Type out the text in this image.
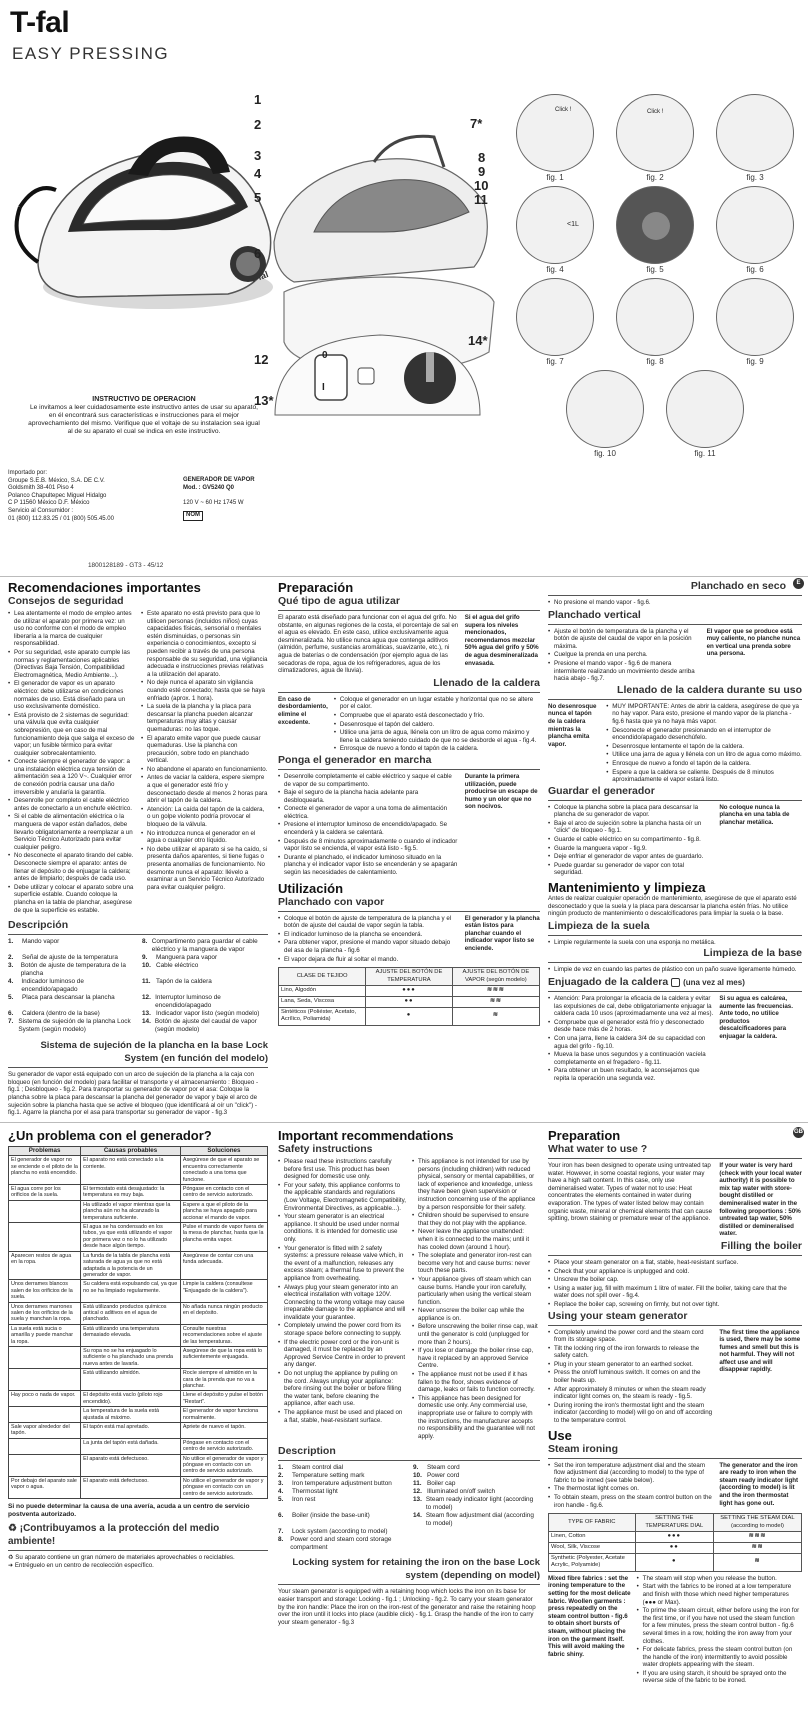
T-fal
EASY PRESSING
T-fal
INSTRUCTIVO DE OPERACION
Le invitamos a leer cuidadosamente este instructivo antes de usar su aparato, en él encontrará sus características e instrucciones para el mejor aprovechamiento del mismo. Verifique que el voltaje de su instalacion sea igual al de su aparato el cual se indica en este instructivo.
Importado por:
Groupe S.E.B. México, S.A. DE C.V.
Goldsmith 38-401 Piso 4
Polanco Chapultepec Miguel Hidalgo
C P 11560 México D.F. México
Servicio al Consumidor :
01 (800) 112.83.25 / 01 (800) 505.45.00
GENERADOR DE VAPOR
Mod. : GV5240 Q0

120 V ~ 60 Hz 1745 W
NOM
1800128189 - GT3 - 45/12
1
2
3
4
5
6
7*
8
9
10
11
12
13*
14*
0
I
Click !
fig. 1
Click !
fig. 2	fig. 3
<1L
fig. 4	fig. 5	fig. 6
fig. 7	fig. 8	fig. 9
fig. 10	fig. 11
E
Recomendaciones importantes
Consejos de seguridad
• Lea atentamente el modo de empleo antes de utilizar el aparato por primera vez: un uso no conforme con el modo de empleo liberaría a la marca de cualquier responsabilidad.
• Por su seguridad, este aparato cumple las normas y reglamentaciones aplicables (Directivas Baja Tensión, Compatibilidad Electromagnética, Medio Ambiente...).
• El generador de vapor es un aparato eléctrico: debe utilizarse en condiciones normales de uso. Está diseñado para un uso exclusivamente doméstico.
• Está provisto de 2 sistemas de seguridad: una válvula que evita cualquier sobrepresión, que en caso de mal funcionamiento deja que salga el exceso de vapor; un fusible térmico para evitar cualquier sobrecalentamiento.
• Conecte siempre el generador de vapor: a una instalación eléctrica cuya tensión de alimentación sea a 120 V~. Cualquier error de conexión podría causar una daño irreversible y anularía la garantía.
• Desenrolle por completo el cable eléctrico antes de conectarlo a un enchufe eléctrico.
• Si el cable de alimentación eléctrica o la manguera de vapor están dañados, debe llevarlo obligatoriamente a reemplazar a un Servicio Técnico Autorizado para evitar cualquier peligro.
• No desconecte el aparato tirando del cable. Desconecte siempre el aparato: antes de llenar el depósito o de enjuagar la caldera; antes de limpiarlo; después de cada uso.
• Debe utilizar y colocar el aparato sobre una superficie estable. Cuando coloque la plancha en la tabla de planchar, asegúrese de que la superficie es estable.
• Este aparato no está previsto para que lo utilicen personas (incluidos niños) cuyas capacidades físicas, sensorial o mentales estén disminuidas, o personas sin experiencia o conocimientos, excepto si pueden recibir a través de una persona responsable de su seguridad, una vigilancia adecuada e instrucciones previas relativas a la utilización del aparato.
• No deje nunca el aparato sin vigilancia cuando esté conectado; hasta que se haya enfriado (aprox. 1 hora).
• La suela de la plancha y la placa para descansar la plancha pueden alcanzar temperaturas muy altas y causar quemaduras: no las toque.
• El aparato emite vapor que puede causar quemaduras. Use la plancha con precaución, sobre todo en planchado vertical.
• No abandone el aparato en funcionamiento.
• Antes de vaciar la caldera, espere siempre a que el generador esté frío y desconectado desde al menos 2 horas para abrir el tapón de la caldera.
• Atención: La caída del tapón de la caldera, o un golpe violento podría provocar el bloqueo de la válvula.
• No introduzca nunca el generador en el agua o cualquier otro líquido.
• No debe utilizar el aparato si se ha caído, si presenta daños aparentes, si tiene fugas o presenta anomalías de funcionamiento. No desmonte nunca el aparato: llévelo a examinar a un Servicio Técnico Autorizado para evitar cualquier peligro.
Descripción
1.	Mando vapor	8. Compartimento para guardar el cable eléctrico y la manguera de vapor
2.	Señal de ajuste de la temperatura	9.	Manguera para vapor
3.	Botón de ajuste de temperatura de la plancha
10. Cable eléctrico
4.	Indicador luminoso de encendido/apagado
11. Tapón de la caldera
5.	Placa para descansar la plancha	12. Interruptor luminoso de encendido/apagado
6.	Caldera (dentro de la base)	13. Indicador vapor listo (según modelo)
7. Sistema de sujeción de la plancha Lock System (según modelo)
14. Botón de ajuste del caudal de vapor (según modelo)
Sistema de sujeción de la plancha en la base Lock System (en función del modelo)

Su generador de vapor está equipado con un arco de sujeción de la plancha a la caja con bloqueo (en función del modelo) para facilitar el transporte y el almacenamiento : Bloqueo - fig.1 ; Desbloqueo - fig.2. Para transportar su generador de vapor por el asa: Coloque la plancha sobre la placa para descansar la plancha del generador de vapor y baje el arco de sujeción sobre la plancha hasta que se active el bloqueo (que identificará al oír un "click") - fig.1. Agarre la plancha por el asa para transportar su generador de vapor - fig.3

Preparación
Qué tipo de agua utilizar

El aparato está diseñado para funcionar con el agua del grifo. No obstante, en algunas regiones de la costa, el porcentaje de sal en el agua es elevado. En este caso, utilice exclusivamente agua desmineralizada. No utilice nunca agua que contenga aditivos (almidón, perfume, sustancias aromáticas, suavizante, etc.), ni agua de baterías o de condensación (por ejemplo agua de las secadoras de ropa, agua de los refrigeradores, agua de los climatizadores, agua de lluvia).

Si el agua del grifo supera los niveles mencionados, recomendamos mezclar 50% agua del grifo y 50% de agua desmineralizada envasada.

Llenado de la caldera

En caso de desbordamiento, elimine el excedente.

• Coloque el generador en un lugar estable y horizontal que no se altere por el calor.
• Compruebe que el aparato está desconectado y frío.
• Desenrosque el tapón del caldero.
• Utilice una jarra de agua, llénela con un litro de agua como máximo y llene la caldera teniendo cuidado de que no se desborde el agua - fig.4.
• Enrosque de nuevo a fondo el tapón de la caldera.
Ponga el generador en marcha
• Desenrolle completamente el cable eléctrico y saque el cable de vapor de su compartimento.
• Baje el seguro de la plancha hacia adelante para desbloquearla.
• Conecte el generador de vapor a una toma de alimentación eléctrica.
• Presione el interruptor luminoso de encendido/apagado. Se encenderá y la caldera se calentará.
• Después de 8 minutos aproximadamente o cuando el indicador vapor listo se encienda, el vapor está listo - fig.5.
• Durante el planchado, el indicador luminoso situado en la plancha y el indicador vapor listo se encenderán y se apagarán según las necesidades de calentamiento.

Durante la primera utilización, puede producirse un escape de humo y un olor que no son nocivos.

Utilización
Planchado con vapor
• Coloque el botón de ajuste de temperatura de la plancha y el botón de ajuste del caudal de vapor según la tabla.
• El indicador luminoso de la plancha se encenderá.
• Para obtener vapor, presione el mando vapor situado debajo del asa de la plancha - fig.6
• El vapor dejara de fluir al soltar el mando.

El generador y la plancha están listos para planchar cuando el indicador vapor listo se enciende.

CLASE DE TEJIDO	AJUSTE DEL BOTÓN DE TEMPERATURA	AJUSTE DEL BOTÓN DE VAPOR (según modelo)
Lino, Algodón	●●●	≋≋≋
Lana, Seda, Viscosa	●●	≋≋
Sintéticos (Poliéster, Acetato, Acrílico, Poliamida)	●	≋
Planchado en seco
• No presione el mando vapor - fig.6.
Planchado vertical
• Ajuste el botón de temperatura de la plancha y el botón de ajuste del caudal de vapor en la posición máxima.
• Cuelgue la prenda en una percha.
• Presione el mando vapor - fig.6 de manera intermitente realizando un movimiento desde arriba hacia abajo - fig.7.

El vapor que se produce está muy caliente, no planche nunca en vertical una prenda sobre una persona.

Llenado de la caldera durante su uso

No desenrosque nunca el tapón de la caldera mientras la plancha emita vapor.

• MUY IMPORTANTE: Antes de abrir la caldera, asegúrese de que ya no hay vapor. Para esto, presione el mando vapor de la plancha - fig.6 hasta que ya no haya más vapor.
• Desconecte el generador presionando en el interruptor de encendido/apagado desenchúfelo.
• Desenrosque lentamente el tapón de la caldera.
• Utilice una jarra de agua y llénela con un litro de agua como máximo.
• Enrosque de nuevo a fondo el tapón de la caldera.
• Espere a que la caldera se caliente. Después de 8 minutos aproximadamente el vapor estará listo.
Guardar el generador
• Coloque la plancha sobre la placa para descansar la plancha de su generador de vapor.
• Baje el arco de sujeción sobre la plancha hasta oír un "click" de bloqueo - fig.1.
• Guarde el cable eléctrico en su compartimento - fig.8.
• Guarde la manguera vapor - fig.9.
• Deje enfriar el generador de vapor antes de guardarlo.
• Puede guardar su generador de vapor con total seguridad.

No coloque nunca la plancha en una tabla de planchar metálica.

Mantenimiento y limpieza

Antes de realizar cualquier operación de mantenimiento, asegúrese de que el aparato esté desconectado y que la suela y la placa para descansar la plancha estén frías. No utilice ningún producto de mantenimiento o descalcificadores para limpiar la suela o la base.

Limpieza de la suela
• Limpie regularmente la suela con una esponja no metálica.
Limpieza de la base
• Limpie de vez en cuando las partes de plástico con un paño suave ligeramente húmedo.
Enjuagado de la caldera (una vez al mes)
• Atención: Para prolongar la eficacia de la caldera y evitar las expulsiones de cal, debe obligatoriamente enjuagar la caldera cada 10 usos (aproximadamente una vez al mes).
• Compruebe que el generador está frío y desconectado desde hace más de 2 horas.
• Con una jarra, llene la caldera 3/4 de su capacidad con agua del grifo - fig.10.
• Mueva la base unos segundos y a continuación vacíela completamente en el fregadero - fig.11.
• Para obtener un buen resultado, le aconsejamos que repita la operación una segunda vez.

Si su agua es calcárea, aumente las frecuencias. Ante todo, no utilice productos descalcificadores para enjuagar la caldera.

GB
¿Un problema con el generador?
Problemas	Causas probables	Soluciones
El generador de vapor no se enciende o el piloto de la plancha no está encendido.	El aparato no está conectado a la corriente.	Asegúrese de que el aparato se encuentra correctamente conectado a una toma que funcione.
El agua corre por los orificios de la suela.	El termostato está desajustado: la temperatura es muy baja.	Póngase en contacto con el centro de servicio autorizado.
	Ha utilizado el vapor mientras que la plancha aún no ha alcanzado la temperatura suficiente.	Espere a que el piloto de la plancha se haya apagado para accionar el mando de vapor.
	El agua se ha condensado en los tubos, ya que está utilizando el vapor por primera vez o no lo ha utilizado desde hace algún tiempo.	Pulse el mando de vapor fuera de la mesa de planchar, hasta que la plancha emita vapor.
Aparecen restos de agua en la ropa.	La funda de la tabla de plancha está saturada de agua ya que no está adaptada a la potencia de un generador de vapor.	Asegúrese de contar con una funda adecuada.
Unos derrames blancos salen de los orificios de la suela.	Su caldera está expulsando cal, ya que no se ha limpiado regularmente.	Limpie la caldera (consultese "Enjuagado de la caldera").
Unos derrames marrones salen de los orificios de la suela y manchan la ropa.	Está utilizando productos químicos antical o aditivos en el agua de planchado.	No añada nunca ningún producto en el depósito.
La suela está sucia o amarilla y puede manchar la ropa.	Está utilizando una temperatura demasiado elevada.	Consulte nuestras recomendaciones sobre el ajuste de las temperaturas.
	Su ropa no se ha enjuagado lo suficiente o ha planchado una prenda nueva antes de lavarla.	Asegúrese de que la ropa está lo suficientemente enjuagada.
	Está utilizando almidón.	Rocíe siempre el almidón en la cara de la prenda que no va a planchar.
Hay poco o nada de vapor.	El depósito está vacío (piloto rojo encendido).	Llene el depósito y pulse el botón "Restart".
	La temperatura de la suela está ajustada al máximo.	El generador de vapor funciona normalmente.
Sale vapor alrededor del tapón.	El tapón está mal apretado.	Apriete de nuevo el tapón.
	La junta del tapón está dañada.	Póngase en contacto con el centro de servicio autorizado.
	El aparato está defectuoso.	No utilice el generador de vapor y póngase en contacto con un centro de servicio autorizado.
Por debajo del aparato sale vapor o agua.	El aparato está defectuoso.	No utilice el generador de vapor y póngase en contacto con un centro de servicio autorizado.

Si no puede determinar la causa de una avería, acuda a un centro de servicio postventa autorizado.

♻ ¡Contribuyamos a la protección del medio ambiente!
♻ Su aparato contiene un gran número de materiales aprovechables o reciclables.
➜ Entréguelo en un centro de recolección específico.
Important recommendations
Safety instructions
• Please read these instructions carefully before first use. This product has been designed for domestic use only.
• For your safety, this appliance conforms to the applicable standards and regulations (Low Voltage, Electromagnetic Compatibility, Environmental Directives, as applicable...).
• Your steam generator is an electrical appliance. It should be used under normal conditions. It is intended for domestic use only.
• Your generator is fitted with 2 safety systems: a pressure release valve which, in the event of a malfunction, releases any excess steam; a thermal fuse to prevent the appliance from overheating.
• Always plug your steam generator into an electrical installation with voltage 120V. Connecting to the wrong voltage may cause irreparable damage to the appliance and will invalidate your guarantee.
• Completely unwind the power cord from its storage space before connecting to supply.
• If the electric power cord or the iron-unit is damaged, it must be replaced by an Approved Service Centre in order to prevent any danger.
• Do not unplug the appliance by pulling on the cord. Always unplug your appliance: before rinsing out the boiler or before filling the water tank, before cleaning the appliance, after each use.
• The appliance must be used and placed on a flat, stable, heat-resistant surface.
• This appliance is not intended for use by persons (including children) with reduced physical, sensory or mental capabilities, or lack of experience and knowledge, unless they have been given supervision or instruction concerning use of the appliance by a person responsible for their safety.
• Children should be supervised to ensure that they do not play with the appliance.
• Never leave the appliance unattended: when it is connected to the mains; until it has cooled down (around 1 hour).
• The soleplate and generator iron-rest can become very hot and cause burns: never touch these parts.
• Your appliance gives off steam which can cause burns. Handle your iron carefully, particularly when using the vertical steam function.
• Never unscrew the boiler cap while the appliance is on.
• Before unscrewing the boiler rinse cap, wait until the generator is cold (unplugged for more than 2 hours).
• If you lose or damage the boiler rinse cap, have it replaced by an approved Service Centre.
• The appliance must not be used if it has fallen to the floor, shows evidence of damage, leaks or fails to function correctly.
• This appliance has been designed for domestic use only. Any commercial use, inappropriate use or failure to comply with the instructions, the manufacturer accepts no responsibility and the guarantee will not apply.
Description
1.	Steam control dial	9.	Steam cord
2.	Temperature setting mark	10. Power cord
3.	Iron temperature adjustment button	11. Boiler cap
4.	Thermostat light	12. Illuminated on/off switch
5.	Iron rest	13. Steam ready indicator light (according to model)
6.	Boiler (inside the base-unit)	14. Steam flow adjustment dial (according to model)
7.	Lock system (according to model)
8.	Power cord and steam cord storage compartment
Locking system for retaining the iron on the base Lock system (depending on model)

Your steam generator is equipped with a retaining hoop which locks the iron on its base for easier transport and storage: Locking - fig.1 ; Unlocking - fig.2. To carry your steam generator by the iron handle: Place the iron on the iron-rest of the generator and raise the retaining hoop over the iron until it locks into place (audible click) - fig.1. Grasp the handle of the iron to carry your steam generator - fig.3

Preparation
What water to use ?

Your iron has been designed to operate using untreated tap water. However, in some coastal regions, your water may have a high salt content. In this case, only use demineralised water. Types of water not to use: Heat concentrates the elements contained in water during evaporation. The types of water listed below may contain organic waste, mineral or chemical elements that can cause spitting, brown staining or premature wear of the appliance.

If your water is very hard (check with your local water authority) it is possible to mix tap water with store-bought distilled or demineralised water in the following proportions : 50% untreated tap water, 50% distilled or demineralised water.

Filling the boiler
• Place your steam generator on a flat, stable, heat-resistant surface.
• Check that your appliance is unplugged and cold.
• Unscrew the boiler cap.
• Using a water jug, fill with maximum 1 litre of water. Fill the boiler, taking care that the water does not spill over - fig.4.
• Replace the boiler cap, screwing on firmly, but not over tight.
Using your steam generator
• Completely unwind the power cord and the steam cord from its storage space.
• Tilt the locking ring of the iron forwards to release the safety catch.
• Plug in your steam generator to an earthed socket.
• Press the on/off luminous switch. It comes on and the boiler heats up.
• After approximately 8 minutes or when the steam ready indicator light comes on, the steam is ready - fig.5.
• During ironing the iron's thermostat light and the steam indicator (according to model) will go on and off according to the temperature control.

The first time the appliance is used, there may be some fumes and smell but this is not harmful. They will not affect use and will disappear rapidly.

Use
Steam ironing
• Set the iron temperature adjustment dial and the steam flow adjustment dial (according to model) to the type of fabric to be ironed (see table below).
• The thermostat light comes on.
• To obtain steam, press on the steam control button on the iron handle - fig.6.

The generator and the iron are ready to iron when the steam ready indicator light (according to model) is lit and the iron thermostat light has gone out.

TYPE OF FABRIC	SETTING THE TEMPERATURE DIAL	SETTING THE STEAM DIAL (according to model)
Linen, Cotton	●●●	≋≋≋
Wool, Silk, Viscose	●●	≋≋
Synthetic (Polyester, Acetate Acrylic, Polyamide)	●	≋

Mixed fibre fabrics : set the ironing temperature to the setting for the most delicate fabric. Woollen garments : press repeatedly on the steam control button - fig.6 to obtain short bursts of steam, without placing the iron on the garment itself. This will avoid making the fabric shiny.

• The steam will stop when you release the button.
• Start with the fabrics to be ironed at a low temperature and finish with those which need higher temperatures (●●● or Max).
• To prime the steam circuit, either before using the iron for the first time, or if you have not used the steam function for a few minutes, press the steam control button - fig.6 several times in a row, holding the iron away from your clothes.
• For delicate fabrics, press the steam control button (on the handle of the iron) intermittently to avoid possible water droplets appearing with the steam.
• If you are using starch, it should be sprayed onto the reverse side of the fabric to be ironed.
